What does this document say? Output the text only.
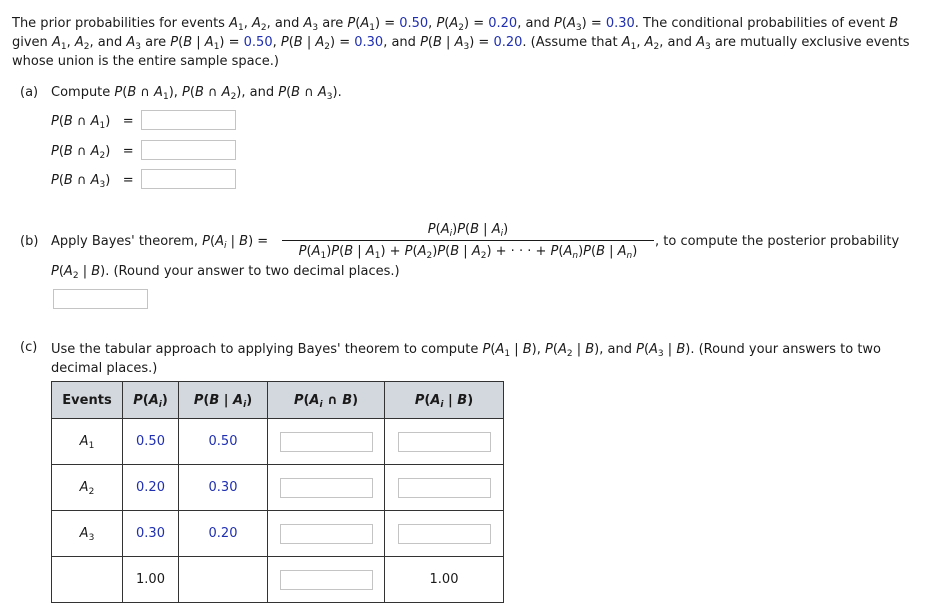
The prior probabilities for events $A_1$, $A_2$, and $A_3$ are $P(A_1) = 0.50$, $P(A_2) = 0.20$, and $P(A_3) = 0.30$. The conditional probabilities of event B given $A_1$, $A_2$, and $A_3$ are P(B | $A_1) = 0.50$, P(B | $A_2) = 0.30$, and P(B | $A_3) = 0.20$. (Assume that $A_1$, $A_2$, and $A_3$ are mutually exclusive events whose union is the entire sample space.)
(a) Compute P(B ∩ $A_1$), P(B ∩ $A_2$), and P(B ∩ $A_3$).
P(B ∩ $A_1$)   =
P(B ∩ $A_2$)   =
P(B ∩ $A_3$)   =
(b) Apply Bayes' theorem, $P(A_i$ | B) =
$P(A_i)P(B$ | $A_i$)
$P(A_1)P(B$ | $A_1) + P(A_2)P(B$ | $A_2$) + · · · + $P(A_n)P(B$ | $A_n$)
, to compute the posterior probability
$P(A_2$ | B). (Round your answer to two decimal places.)
(c) Use the tabular approach to applying Bayes' theorem to compute $P(A_1$ | B), $P(A_2$ | B), and $P(A_3$ | B). (Round your answers to two decimal places.)
Events	$P(A_i)$	P(B | $A_i$)	$P(A_i$ ∩ B)	$P(A_i$ | B)
$A_1$	0.50	0.50		
$A_2$	0.20	0.30		
$A_3$	0.30	0.20		
	1.00			1.00
